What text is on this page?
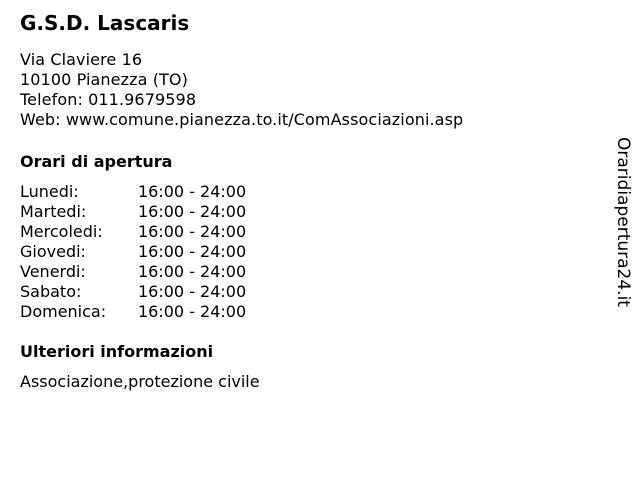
G.S.D. Lascaris
Via Claviere 16
10100 Pianezza (TO)
Telefon: 011.9679598
Web: www.comune.pianezza.to.it/ComAssociazioni.asp
Orari di apertura
Lunedi:	16:00 - 24:00
Martedi:	16:00 - 24:00
Mercoledi:	16:00 - 24:00
Giovedi:	16:00 - 24:00
Venerdi:	16:00 - 24:00
Sabato:	16:00 - 24:00
Domenica:	16:00 - 24:00
Ulteriori informazioni
Associazione,protezione civile
Oraridiapertura24.it
